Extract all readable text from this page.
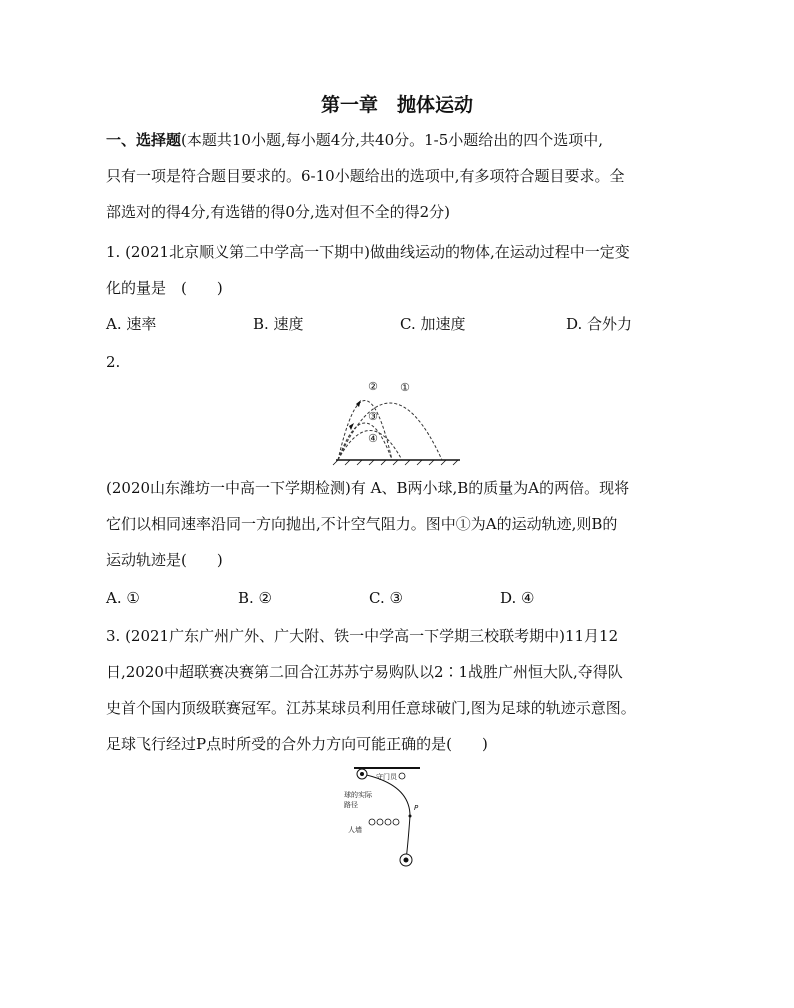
第一章　抛体运动
一、选择题(本题共10小题,每小题4分,共40分。1-5小题给出的四个选项中,
只有一项是符合题目要求的。6-10小题给出的选项中,有多项符合题目要求。全
部选对的得4分,有选错的得0分,选对但不全的得2分)
1. (2021北京顺义第二中学高一下期中)做曲线运动的物体,在运动过程中一定变
化的量是　(　　)
A. 速率	B. 速度	C. 加速度	D. 合外力
2.
② ①
③
④
(2020山东潍坊一中高一下学期检测)有 A、B两小球,B的质量为A的两倍。现将
它们以相同速率沿同一方向抛出,不计空气阻力。图中①为A的运动轨迹,则B的
运动轨迹是(　　)
A. ①	B. ②	C. ③	D. ④
3. (2021广东广州广外、广大附、铁一中学高一下学期三校联考期中)11月12
日,2020中超联赛决赛第二回合江苏苏宁易购队以2∶1战胜广州恒大队,夺得队
史首个国内顶级联赛冠军。江苏某球员利用任意球破门,图为足球的轨迹示意图。
足球飞行经过P点时所受的合外力方向可能正确的是(　　)
P
守门员
球的实际
路径
人墙
